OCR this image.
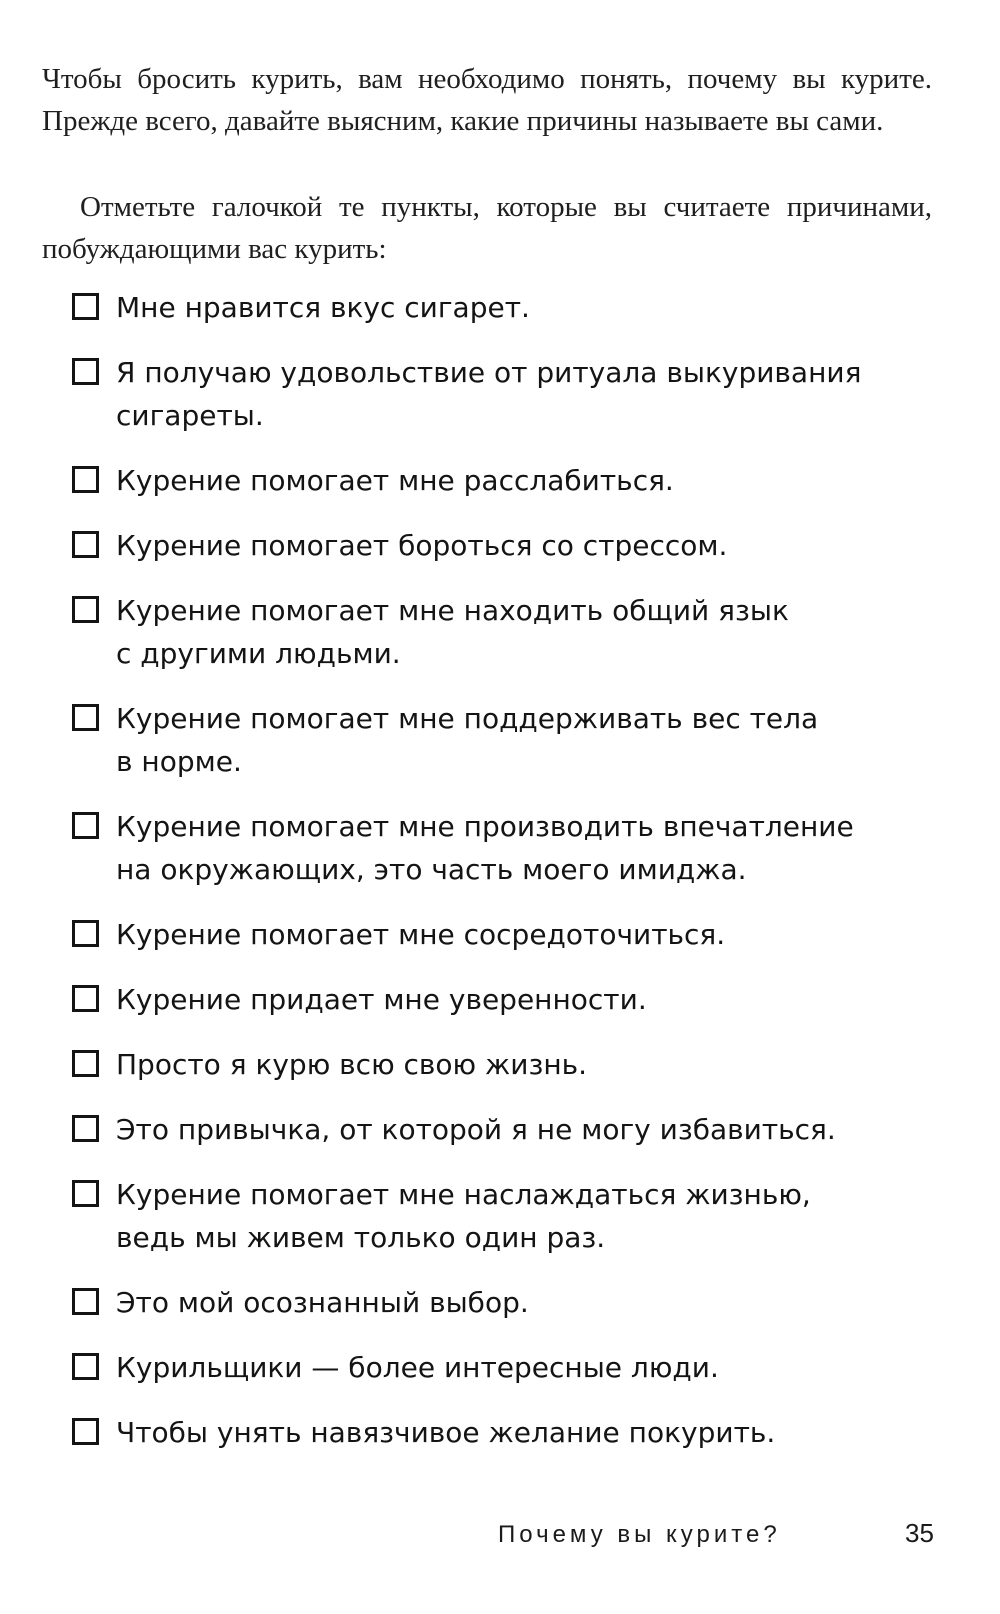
Чтобы бросить курить, вам необходимо понять, почему вы курите. Прежде всего, давайте выясним, какие причины называете вы сами.

Отметьте галочкой те пункты, которые вы считаете причинами, побуждающими вас курить:

Мне нравится вкус сигарет.
Я получаю удовольствие от ритуала выкуривания сигареты.
Курение помогает мне расслабиться.
Курение помогает бороться со стрессом.
Курение помогает мне находить общий язык с другими людьми.
Курение помогает мне поддерживать вес тела в норме.
Курение помогает мне производить впечатление на окружающих, это часть моего имиджа.
Курение помогает мне сосредоточиться.
Курение придает мне уверенности.
Просто я курю всю свою жизнь.
Это привычка, от которой я не могу избавиться.
Курение помогает мне наслаждаться жизнью, ведь мы живем только один раз.
Это мой осознанный выбор.
Курильщики — более интересные люди.
Чтобы унять навязчивое желание покурить.
Почему вы курите?	35
